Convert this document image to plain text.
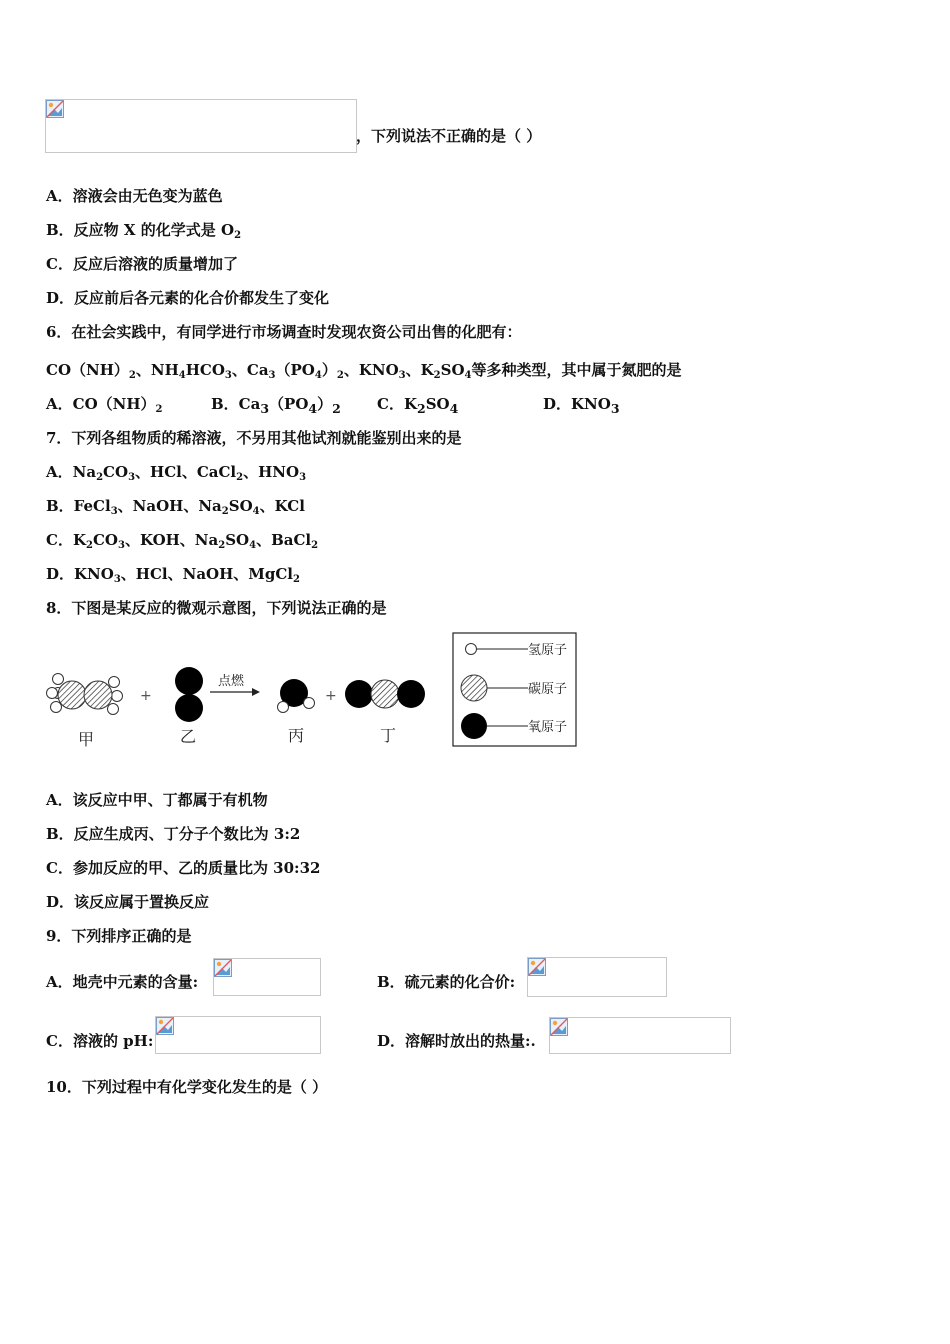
，下列说法不正确的是（ ）
A．溶液会由无色变为蓝色
B．反应物 X 的化学式是 $O_2$
C．反应后溶液的质量增加了
D．反应前后各元素的化合价都发生了变化
6．在社会实践中，有同学进行市场调查时发现农资公司出售的化肥有：
$CO(NH)_2$、$NH_4HCO_3$、$Ca_3(PO_4)_2$、$KNO_3$、$K_2SO_4$等多种类型，其中属于氮肥的是
A．$CO(NH)_2$	B．$Ca_3(PO_4)_2$ C．$K_2SO_4$	D．$KNO_3$
7．下列各组物质的稀溶液，不另用其他试剂就能鉴别出来的是
A．$Na_2CO_3$、HCl、CaCl$_2$、$HNO_3$
B．FeCl$_3$、NaOH、$Na_2SO_4$、KCl
C．$K_2CO_3$、KOH、$Na_2SO_4$、BaCl$_2$
D．$KNO_3$、HCl、NaOH、MgCl$_2$
8．下图是某反应的微观示意图，下列说法正确的是
+
点燃
+
甲	乙	丙	丁
氢原子
碳原子
氧原子
A．该反应中甲、丁都属于有机物
B．反应生成丙、丁分子个数比为 3:2
C．参加反应的甲、乙的质量比为 30:32
D．该反应属于置换反应
9．下列排序正确的是
A．地壳中元素的含量:	B．硫元素的化合价:
C．溶液的 pH:	D．溶解时放出的热量:.
10．下列过程中有化学变化发生的是（ ）
